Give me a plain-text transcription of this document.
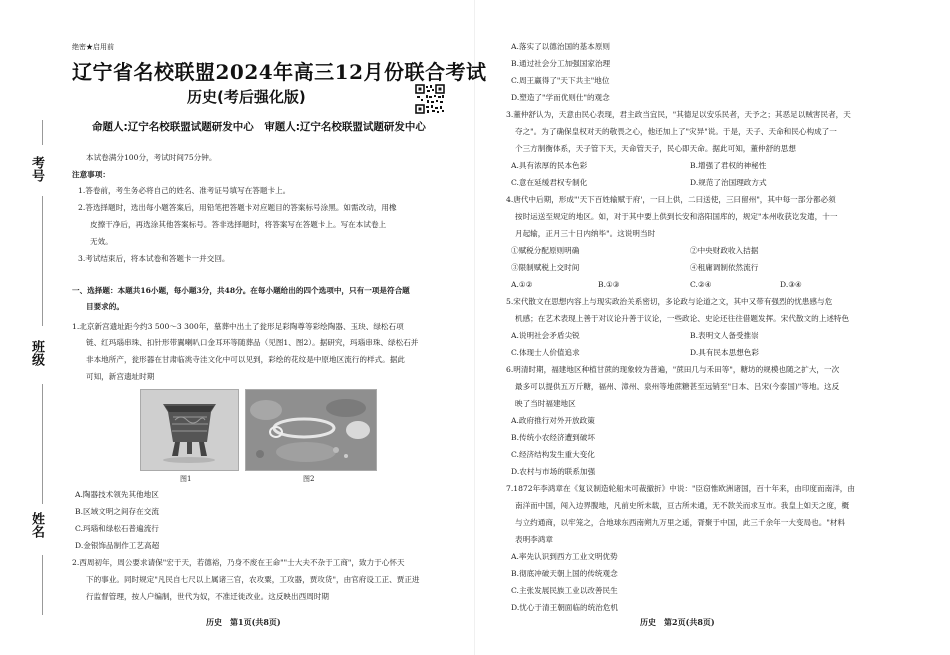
考号
班级
姓名
绝密★启用前
辽宁省名校联盟2024年高三12月份联合考试
历史(考后强化版)
命题人:辽宁名校联盟试题研发中心　审题人:辽宁名校联盟试题研发中心
本试卷满分100分，考试时间75分钟。
注意事项：
1.答卷前，考生务必将自己的姓名、准考证号填写在答题卡上。
2.答选择题时，选出每小题答案后，用铅笔把答题卡对应题目的答案标号涂黑。如需改动，用橡
皮擦干净后，再选涂其他答案标号。答非选择题时，将答案写在答题卡上。写在本试卷上
无效。
3.考试结束后，将本试卷和答题卡一并交回。
一、选择题：本题共16小题，每小题3分，共48分。在每小题给出的四个选项中，只有一项是符合题
目要求的。
1.北京新宫遗址距今约3 500～3 300年，墓葬中出土了瓮形足彩陶尊等彩绘陶器、玉玦、绿松石项
链、红玛瑙串珠、扣针形带翼喇叭口金耳环等随葬品（见图1、图2）。据研究，玛瑙串珠、绿松石并
非本地所产，瓮形器在甘肃临洮寺洼文化中可以见到，彩绘的花纹是中原地区流行的样式。据此
可知，新宫遗址时期
图1	图2
A.陶器技术领先其他地区
B.区域文明之间存在交流
C.玛瑙和绿松石普遍流行
D.金银饰品制作工艺高超
2.西周初年，周公要求请保"宏于天，若德裕，乃身不废在王命""士大夫不杂于工商"，致力于心怀天
下的事业。同时规定"凡民自七尺以上属诸三官，农攻粟，工攻器，贾攻货"，由官府设工正、贾正进
行监督管理，按人户编制，世代为奴，不准迁徙改业。这反映出西周时期
历史　第1页(共8页)
A.落实了以德治国的基本原则
B.通过社会分工加强国家治理
C.周王赢得了"天下共主"地位
D.塑造了"学而优则仕"的观念
3.董仲舒认为，天意由民心表现，君主政当宜民，"其德足以安乐民者，天予之；其恶足以贼害民者，天
夺之"。为了确保皇权对天的敬畏之心，他还加上了"灾异"说。于是，天子、天命和民心构成了一
个三方制衡体系，天子管下天，天命管天子，民心即天命。据此可知，董仲舒的思想
A.具有浓厚的民本色彩	B.增强了君权的神秘性
C.意在延缓君权专制化	D.规范了治国理政方式
4.唐代中后期，形成"'天下百姓输赋于府'，一曰上供，二曰送使，三曰留州"，其中每一部分都必须
按时运送至规定的地区。如，对于其中要上供到长安和洛阳国库的，规定"本州收获讫发遣，十一
月起输，正月三十日内纳毕"。这说明当时
①赋税分配原则明确	②中央财政收入拮据
③限制赋税上交时间	④租庸调制依然流行
A.①②	B.①③	C.②④	D.③④
5.宋代散文在思想内容上与现实政治关系密切，多论政与论道之文，其中又带有强烈的忧患感与危
机感；在艺术表现上善于对议论升善于议论，一些政论、史论还往往借题发挥。宋代散文的上述特色
A.说明社会矛盾尖锐	B.表明文人备受推崇
C.体现士人价值追求	D.具有民本思想色彩
6.明清时期，福建地区种植甘蔗的现象较为普遍，"蔗田几与禾田等"，糖坊的规模也随之扩大，一次
最多可以提供五万斤糖，福州、漳州、泉州等地蔗糖甚至远销至"日本、吕宋(今泰国)"等地。这反
映了当时福建地区
A.政府推行对外开放政策
B.传统小农经济遭到破坏
C.经济结构发生重大变化
D.农村与市场的联系加强
7.1872年李鸿章在《复议制造轮船未可裁撤折》中说："臣窃惟欧洲诸国，百十年来，由印度而南洋，由
南洋而中国，闯入边界腹地，凡前史所未载，亘古所未通，无不款关而求互市。我皇上如天之度，概
与立约通商，以牢笼之，合地球东西南朔九万里之遥，胥聚于中国，此三千余年一大变局也。"材料
表明李鸿章
A.率先认识到西方工业文明优势
B.彻底冲破天朝上国的传统观念
C.主张发展民族工业以改善民生
D.忧心于清王朝面临的统治危机
历史　第2页(共8页)
